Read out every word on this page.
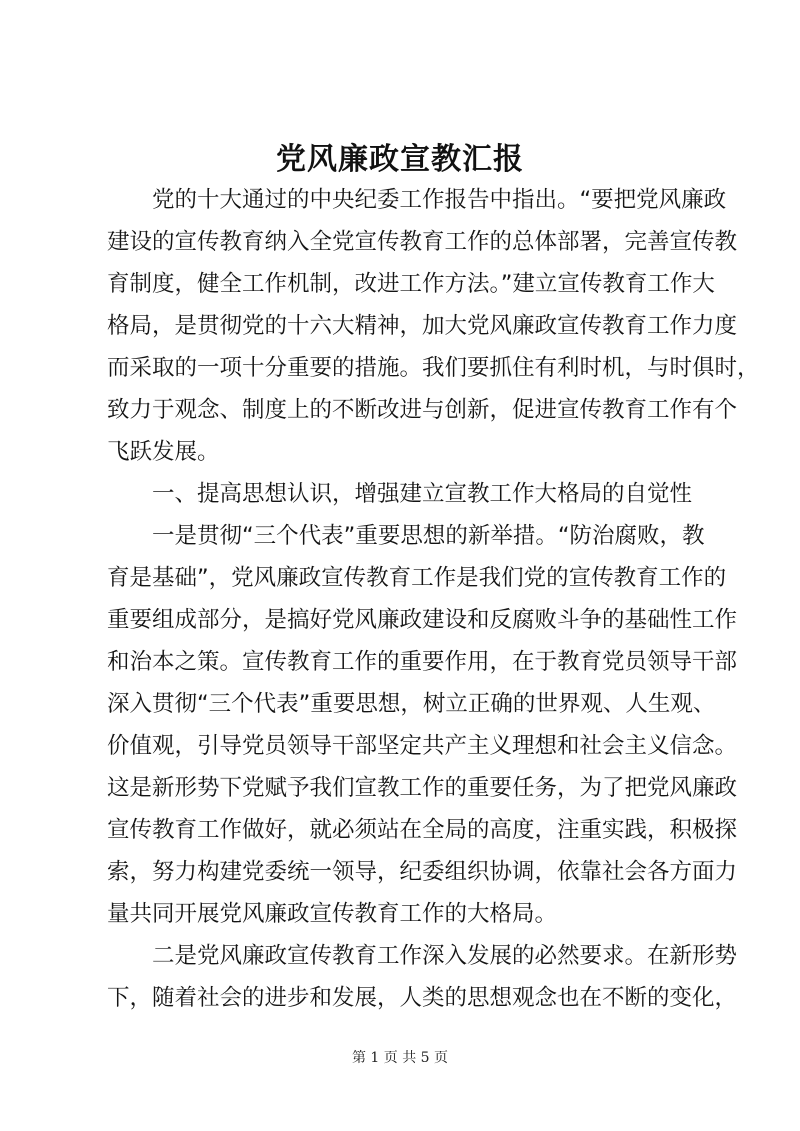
党风廉政宣教汇报
　　党的十大通过的中央纪委工作报告中指出。“要把党风廉政
建设的宣传教育纳入全党宣传教育工作的总体部署，完善宣传教
育制度，健全工作机制，改进工作方法。”建立宣传教育工作大
格局，是贯彻党的十六大精神，加大党风廉政宣传教育工作力度
而采取的一项十分重要的措施。我们要抓住有利时机，与时俱时，
致力于观念、制度上的不断改进与创新，促进宣传教育工作有个
飞跃发展。
　　一、提高思想认识，增强建立宣教工作大格局的自觉性
　　一是贯彻“三个代表”重要思想的新举措。“防治腐败，教
育是基础”，党风廉政宣传教育工作是我们党的宣传教育工作的
重要组成部分，是搞好党风廉政建设和反腐败斗争的基础性工作
和治本之策。宣传教育工作的重要作用，在于教育党员领导干部
深入贯彻“三个代表”重要思想，树立正确的世界观、人生观、
价值观，引导党员领导干部坚定共产主义理想和社会主义信念。
这是新形势下党赋予我们宣教工作的重要任务，为了把党风廉政
宣传教育工作做好，就必须站在全局的高度，注重实践，积极探
索，努力构建党委统一领导，纪委组织协调，依靠社会各方面力
量共同开展党风廉政宣传教育工作的大格局。
　　二是党风廉政宣传教育工作深入发展的必然要求。在新形势
下，随着社会的进步和发展，人类的思想观念也在不断的变化，
第 1 页 共 5 页
